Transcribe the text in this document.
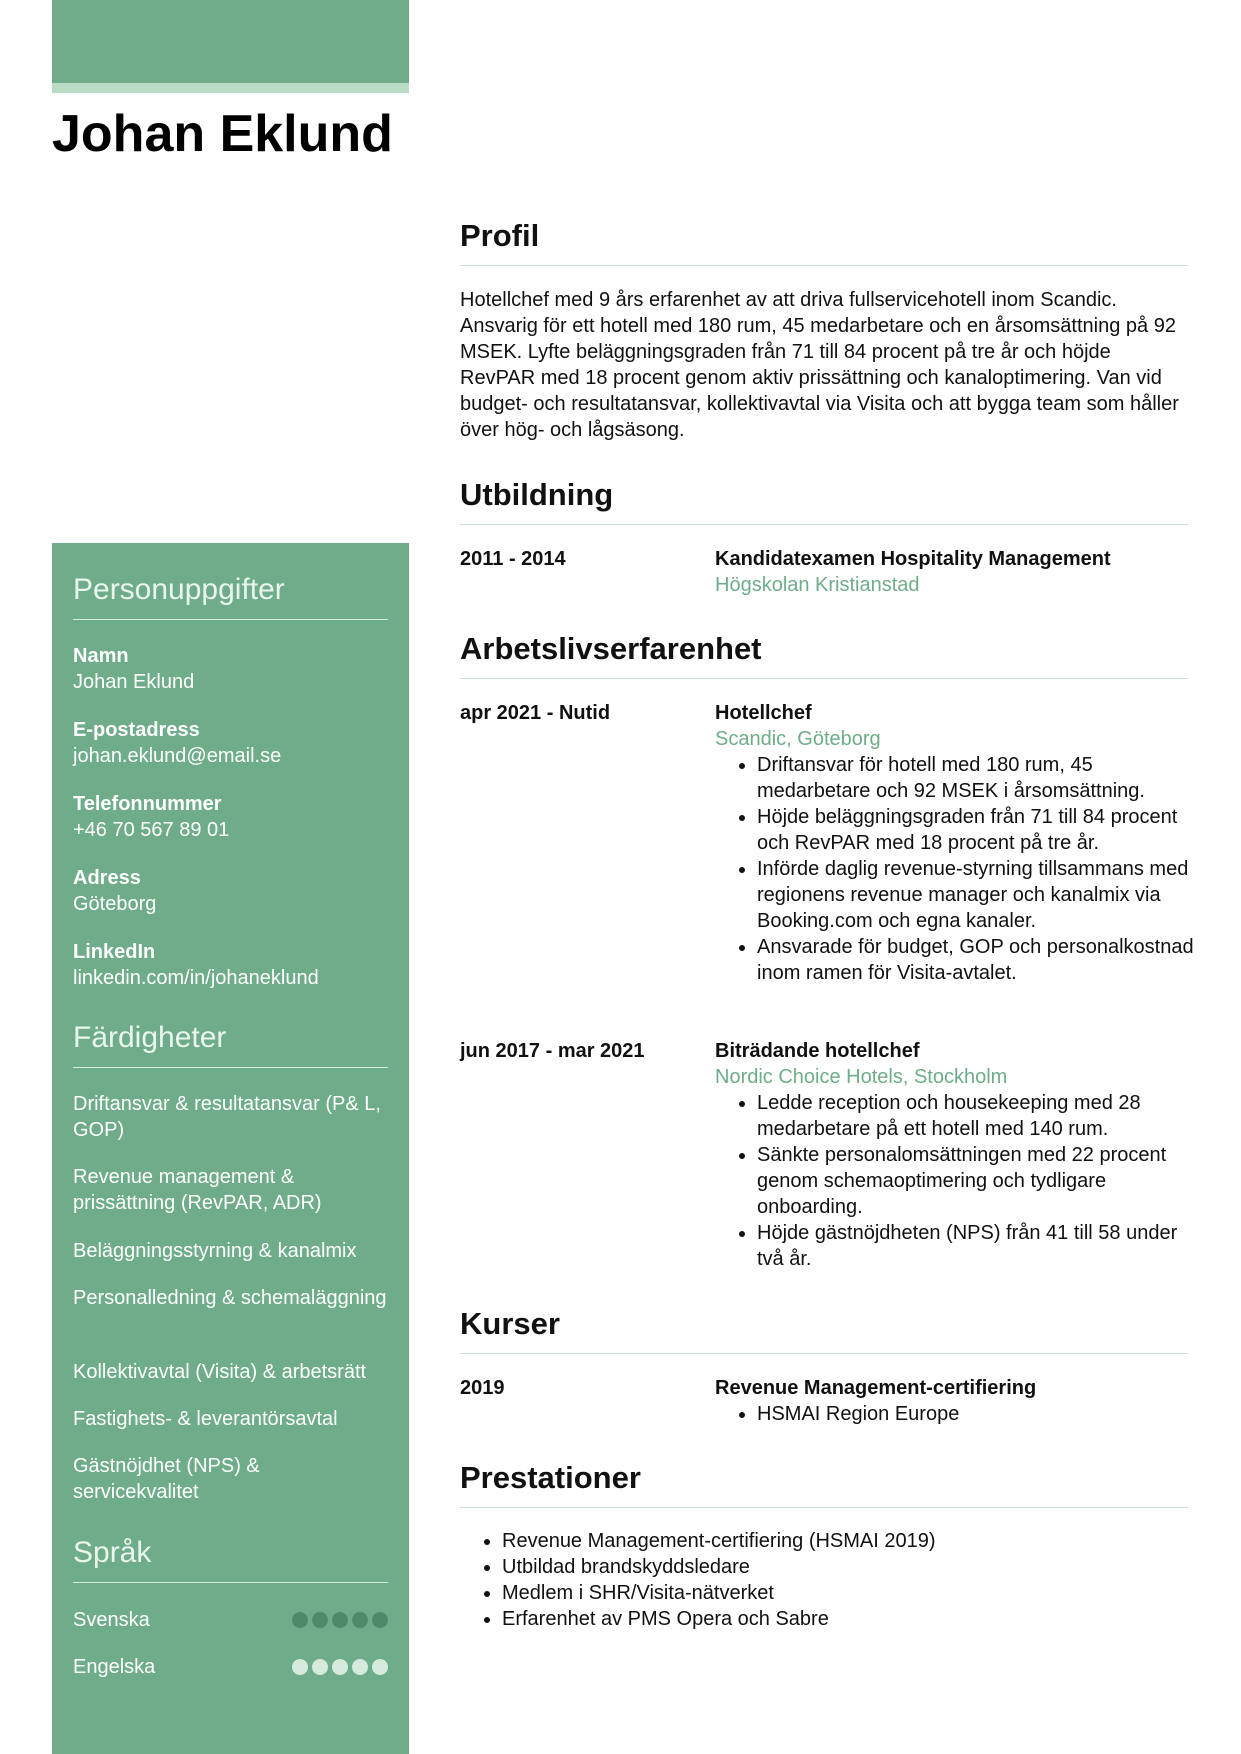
Johan Eklund
Personuppgifter
Namn
Johan Eklund
E-postadress
johan.eklund@email.se
Telefonnummer
+46 70 567 89 01
Adress
Göteborg
LinkedIn
linkedin.com/in/johaneklund
Färdigheter
Driftansvar & resultatansvar (P& L, GOP)
Revenue management & prissättning (RevPAR, ADR)
Beläggningsstyrning & kanalmix
Personalledning & schemaläggning
Kollektivavtal (Visita) & arbetsrätt
Fastighets- & leverantörsavtal
Gästnöjdhet (NPS) & servicekvalitet
Språk
Svenska
Engelska
Profil

Hotellchef med 9 års erfarenhet av att driva fullservicehotell inom Scandic. Ansvarig för ett hotell med 180 rum, 45 medarbetare och en årsomsättning på 92 MSEK. Lyfte beläggningsgraden från 71 till 84 procent på tre år och höjde RevPAR med 18 procent genom aktiv prissättning och kanaloptimering. Van vid budget- och resultatansvar, kollektivavtal via Visita och att bygga team som håller över hög- och lågsäsong.

Utbildning
2011 - 2014	Kandidatexamen Hospitality Management
Högskolan Kristianstad
Arbetslivserfarenhet
apr 2021 - Nutid	Hotellchef
Scandic, Göteborg
• Driftansvar för hotell med 180 rum, 45 medarbetare och 92 MSEK i årsomsättning.
• Höjde beläggningsgraden från 71 till 84 procent och RevPAR med 18 procent på tre år.
• Införde daglig revenue-styrning tillsammans med regionens revenue manager och kanalmix via Booking.com och egna kanaler.
• Ansvarade för budget, GOP och personalkostnad inom ramen för Visita-avtalet.
jun 2017 - mar 2021	Biträdande hotellchef
Nordic Choice Hotels, Stockholm
• Ledde reception och housekeeping med 28 medarbetare på ett hotell med 140 rum.
• Sänkte personalomsättningen med 22 procent genom schemaoptimering och tydligare onboarding.
• Höjde gästnöjdheten (NPS) från 41 till 58 under två år.
Kurser
2019	Revenue Management-certifiering
• HSMAI Region Europe
Prestationer
• Revenue Management-certifiering (HSMAI 2019)
• Utbildad brandskyddsledare
• Medlem i SHR/Visita-nätverket
• Erfarenhet av PMS Opera och Sabre
